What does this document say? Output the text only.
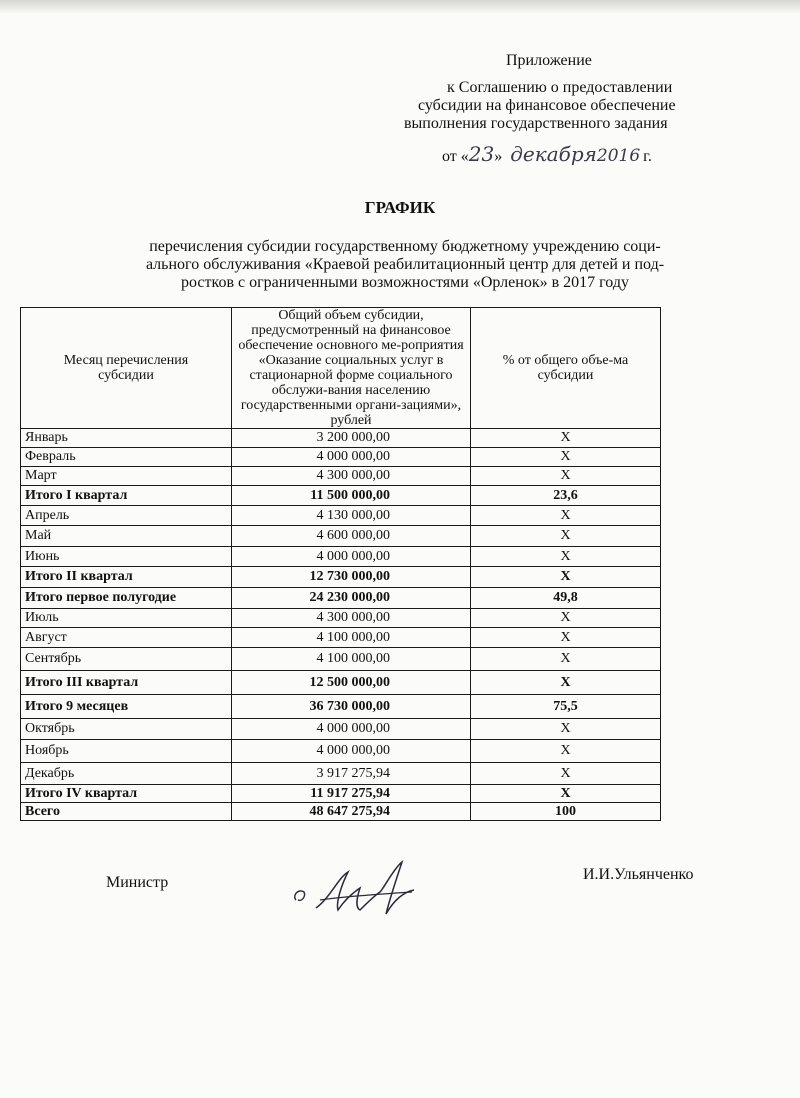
Приложение
к Соглашению о предоставлении
субсидии на финансовое обеспечение
выполнения государственного задания
от «23» декабря2016 г.
ГРАФИК
перечисления субсидии государственному бюджетному учреждению соци-
ального обслуживания «Краевой реабилитационный центр для детей и под-
ростков с ограниченными возможностями «Орленок» в 2017 году
Месяц перечисления субсидии	Общий объем субсидии, предусмотренный на финансовое обеспечение основного ме-роприятия «Оказание социальных услуг в стационарной форме социального обслужи-вания населению государственными органи-зациями», рублей	% от общего объе-ма субсидии
Январь	3 200 000,00	X
Февраль	4 000 000,00	X
Март	4 300 000,00	X
Итого I квартал	11 500 000,00	23,6
Апрель	4 130 000,00	X
Май	4 600 000,00	X
Июнь	4 000 000,00	X
Итого II квартал	12 730 000,00	X
Итого первое полугодие	24 230 000,00	49,8
Июль	4 300 000,00	X
Август	4 100 000,00	X
Сентябрь	4 100 000,00	X
Итого III квартал	12 500 000,00	X
Итого 9 месяцев	36 730 000,00	75,5
Октябрь	4 000 000,00	X
Ноябрь	4 000 000,00	X
Декабрь	3 917 275,94	X
Итого IV квартал	11 917 275,94	X
Всего	48 647 275,94	100
Министр	И.И.Ульянченко
